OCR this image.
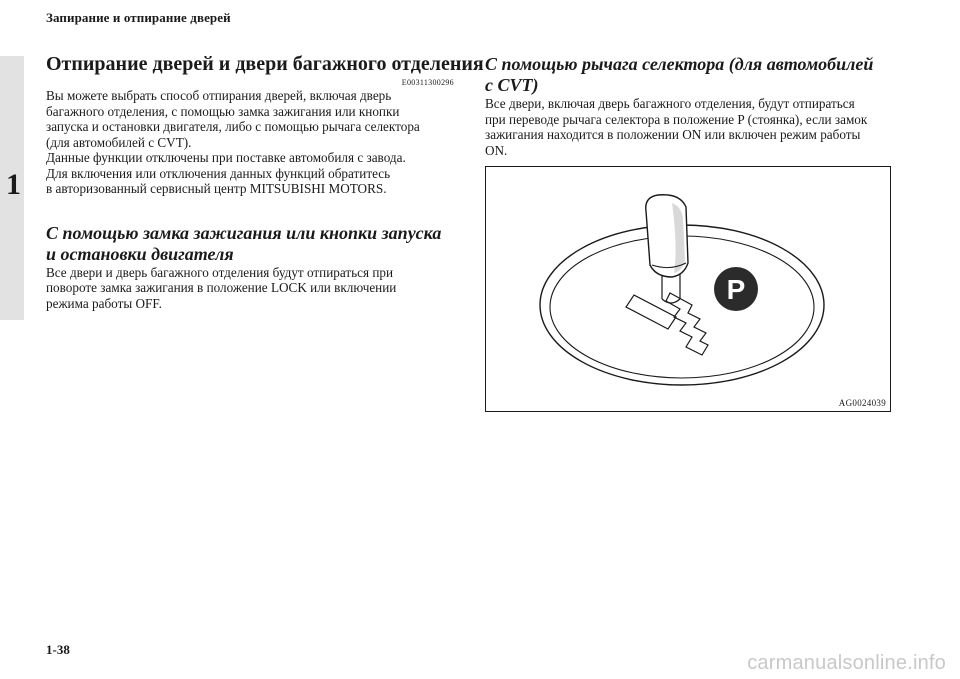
Запирание и отпирание дверей
1
Отпирание дверей и двери багажного отделения
E00311300296

Вы можете выбрать способ отпирания дверей, включая дверь
багажного отделения, с помощью замка зажигания или кнопки
запуска и остановки двигателя, либо с помощью рычага селектора
(для автомобилей с CVT).
Данные функции отключены при поставке автомобиля с завода.
Для включения или отключения данных функций обратитесь
в авторизованный сервисный центр MITSUBISHI MOTORS.

С помощью замка зажигания или кнопки запуска
и остановки двигателя

Все двери и дверь багажного отделения будут отпираться при
повороте замка зажигания в положение LOCK или включении
режима работы OFF.

С помощью рычага селектора (для автомобилей
с CVT)

Все двери, включая дверь багажного отделения, будут отпираться
при переводе рычага селектора в положение P (стоянка), если замок
зажигания находится в положении ON или включен режим работы
ON.

P
AG0024039
1-38
carmanualsonline.info
